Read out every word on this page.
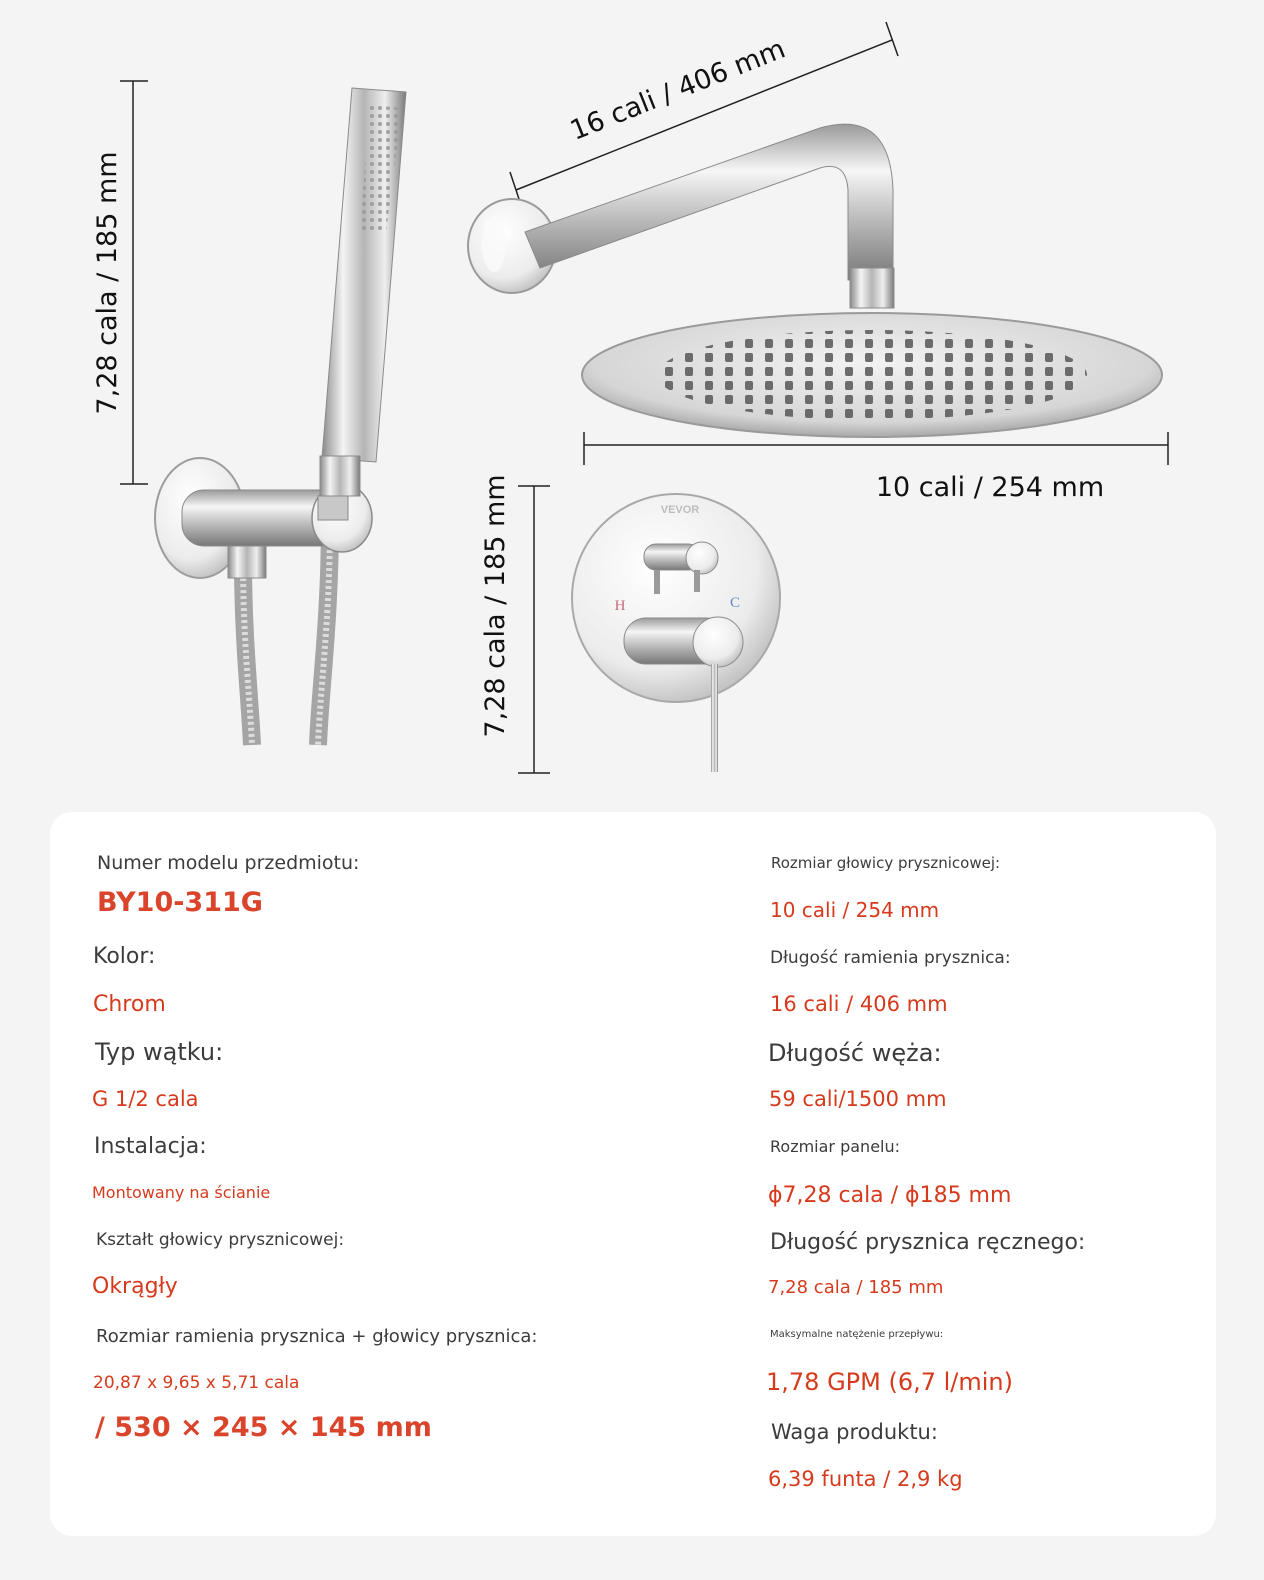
7,28 cala / 185 mm
16 cali / 406 mm
10 cali / 254 mm
7,28 cala / 185 mm	VEVOR
H	C
Numer modelu przedmiotu:
BY10-311G
Kolor:
Chrom
Typ wątku:
G 1/2 cala
Instalacja:
Montowany na ścianie
Kształt głowicy prysznicowej:
Okrągły
Rozmiar ramienia prysznica + głowicy prysznica:
20,87 x 9,65 x 5,71 cala
/ 530 × 245 × 145 mm
Rozmiar głowicy prysznicowej:
10 cali / 254 mm
Długość ramienia prysznica:
16 cali / 406 mm
Długość węża:
59 cali/1500 mm
Rozmiar panelu:
ϕ7,28 cala / ϕ185 mm
Długość prysznica ręcznego:
7,28 cala / 185 mm
Maksymalne natężenie przepływu:
1,78 GPM (6,7 l/min)
Waga produktu:
6,39 funta / 2,9 kg
